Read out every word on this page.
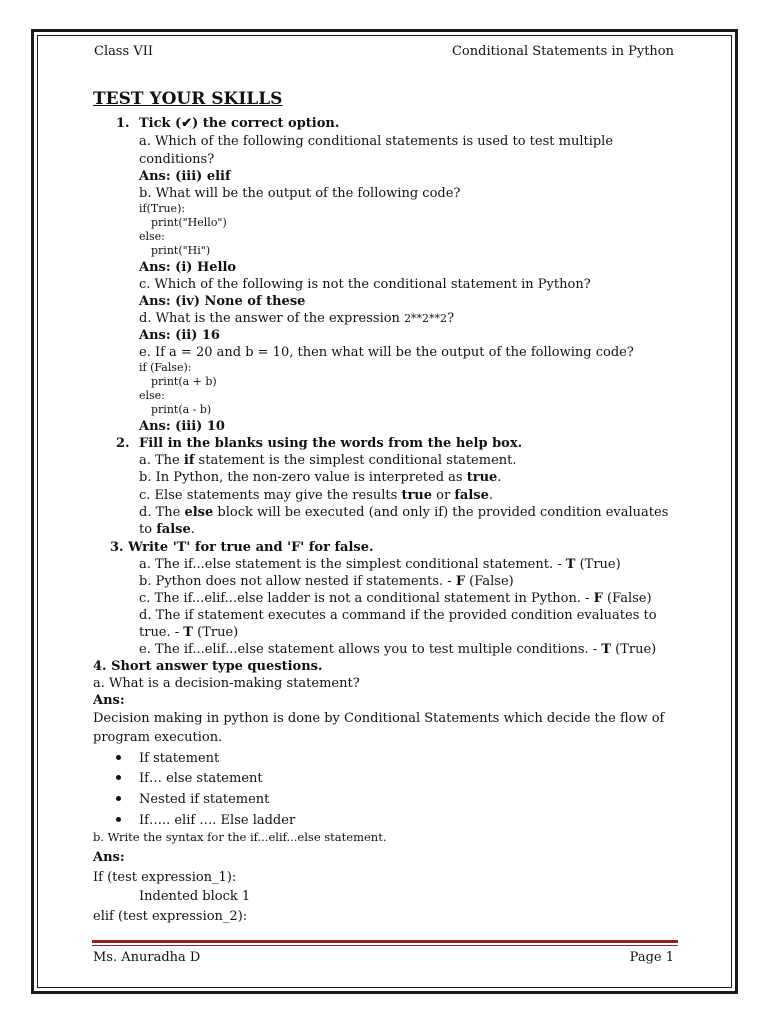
Class VII	Conditional Statements in Python
TEST YOUR SKILLS
1. Tick (✔) the correct option.
a. Which of the following conditional statements is used to test multiple
conditions?
Ans: (iii) elif
b. What will be the output of the following code?
if(True):
print("Hello")
else:
print("Hi")
Ans: (i) Hello
c. Which of the following is not the conditional statement in Python?
Ans: (iv) None of these
d. What is the answer of the expression 2**2**2?
Ans: (ii) 16
e. If a = 20 and b = 10, then what will be the output of the following code?
if (False):
print(a + b)
else:
print(a - b)
Ans: (iii) 10
2. Fill in the blanks using the words from the help box.
a. The if statement is the simplest conditional statement.
b. In Python, the non-zero value is interpreted as true.
c. Else statements may give the results true or false.
d. The else block will be executed (and only if) the provided condition evaluates
to false.
3. Write 'T' for true and 'F' for false.
a. The if...else statement is the simplest conditional statement. - T (True)
b. Python does not allow nested if statements. - F (False)
c. The if...elif...else ladder is not a conditional statement in Python. - F (False)
d. The if statement executes a command if the provided condition evaluates to
true. - T (True)
e. The if...elif...else statement allows you to test multiple conditions. - T (True)
4. Short answer type questions.
a. What is a decision-making statement?
Ans:
Decision making in python is done by Conditional Statements which decide the flow of
program execution.
If statement
If… else statement
Nested if statement
If….. elif …. Else ladder
b. Write the syntax for the if...elif...else statement.
Ans:
If (test expression_1):
Indented block 1
elif (test expression_2):
Ms. Anuradha D	Page 1
